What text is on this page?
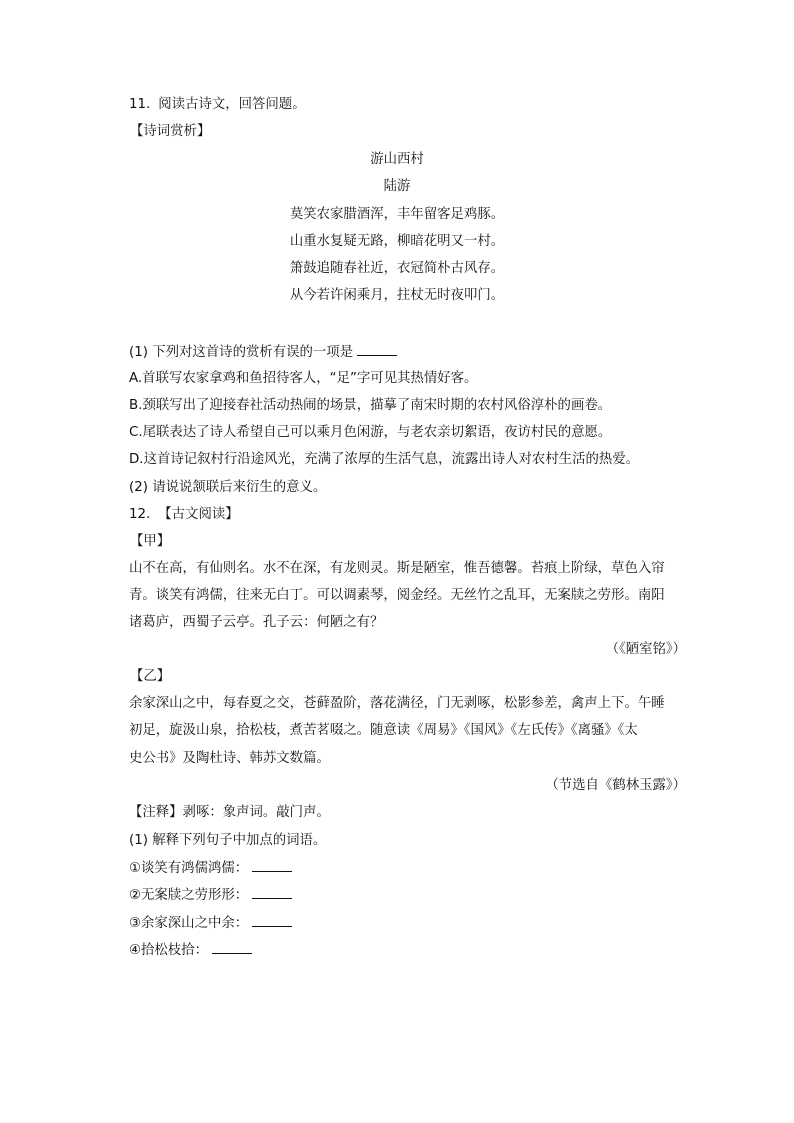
11. 阅读古诗文，回答问题。
【诗词赏析】
游山西村
陆游
莫笑农家腊酒浑，丰年留客足鸡豚。
山重水复疑无路，柳暗花明又一村。
箫鼓追随春社近，衣冠简朴古风存。
从今若许闲乘月，拄杖无时夜叩门。
(1) 下列对这首诗的赏析有误的一项是
A.首联写农家拿鸡和鱼招待客人，“足”字可见其热情好客。
B.颈联写出了迎接春社活动热闹的场景，描摹了南宋时期的农村风俗淳朴的画卷。
C.尾联表达了诗人希望自己可以乘月色闲游，与老农亲切絮语，夜访村民的意愿。
D.这首诗记叙村行沿途风光，充满了浓厚的生活气息，流露出诗人对农村生活的热爱。
(2) 请说说颔联后来衍生的意义。
12. 【古文阅读】
【甲】
山不在高，有仙则名。水不在深，有龙则灵。斯是陋室，惟吾德馨。苔痕上阶绿，草色入帘
青。谈笑有鸿儒，往来无白丁。可以调素琴，阅金经。无丝竹之乱耳，无案牍之劳形。南阳
诸葛庐，西蜀子云亭。孔子云：何陋之有？
（《陋室铭》）
【乙】
余家深山之中，每春夏之交，苍藓盈阶，落花满径，门无剥啄，松影参差，禽声上下。午睡
初足，旋汲山泉，拾松枝，煮苦茗啜之。随意读《周易》《国风》《左氏传》《离骚》《太
史公书》及陶杜诗、韩苏文数篇。
（节选自《鹤林玉露》）
【注释】剥啄：象声词。敲门声。
(1) 解释下列句子中加点的词语。
①谈笑有鸿儒鸿儒：
②无案牍之劳形形：
③余家深山之中余：
④拾松枝拾：
